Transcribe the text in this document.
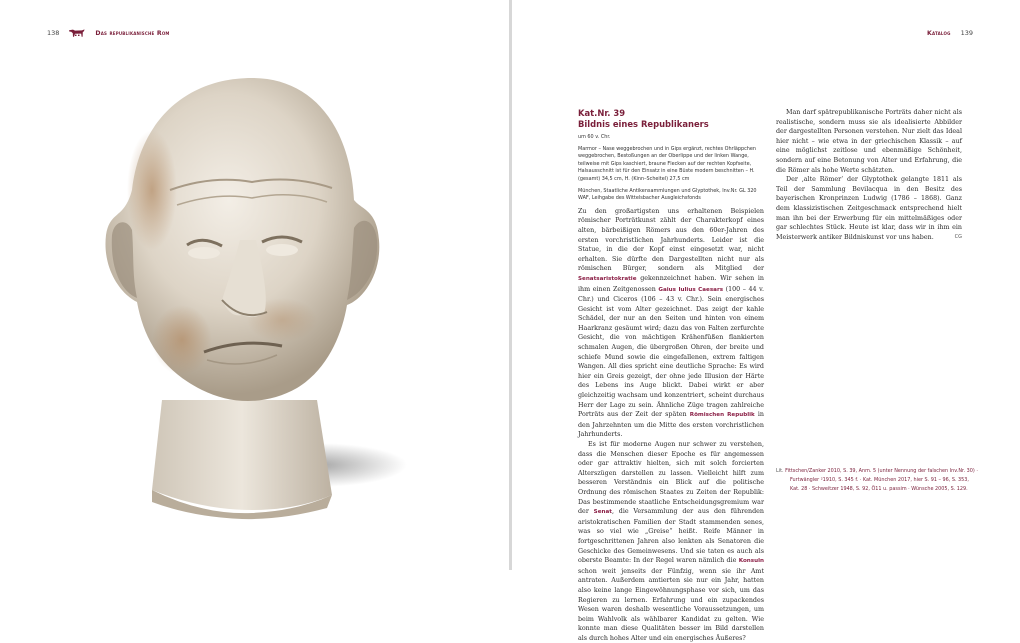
138	Das republikanische Rom	Katalog 139
Kat.Nr. 39
Bildnis eines Republikaners
um 60 v. Chr.
Marmor – Nase weggebrochen und in Gips ergänzt, rechtes Ohrläppchen weggebrochen, Bestoßungen an der Oberlippe und der linken Wange, teilweise mit Gips kaschiert, braune Flecken auf der rechten Kopfseite, Halsausschnitt ist für den Einsatz in eine Büste modern beschnitten – H. (gesamt) 34,5 cm, H. (Kinn–Scheitel) 27,5 cm
München, Staatliche Antikensammlungen und Glyptothek, Inv.Nr. GL 320 WAF, Leihgabe des Wittelsbacher Ausgleichsfonds

Zu den großartigsten uns erhaltenen Beispielen römischer Porträtkunst zählt der Charakterkopf eines alten, bärbeißigen Römers aus den 60er-Jahren des ersten vorchristlichen Jahrhunderts. Leider ist die Statue, in die der Kopf einst eingesetzt war, nicht erhalten. Sie dürfte den Dargestellten nicht nur als römischen Bürger, sondern als Mitglied der Senatsaristokratie gekennzeichnet haben. Wir sehen in ihm einen Zeitgenossen Gaius Iulius Caesars (100 – 44 v. Chr.) und Ciceros (106 – 43 v. Chr.). Sein energisches Gesicht ist vom Alter gezeichnet. Das zeigt der kahle Schädel, der nur an den Seiten und hinten von einem Haarkranz gesäumt wird; dazu das von Falten zerfurchte Gesicht, die von mächtigen Krähenfüßen flankierten schmalen Augen, die übergroßen Ohren, der breite und schiefe Mund sowie die eingefallenen, extrem faltigen Wangen. All dies spricht eine deutliche Sprache: Es wird hier ein Greis gezeigt, der ohne jede Illusion der Härte des Lebens ins Auge blickt. Dabei wirkt er aber gleichzeitig wachsam und konzentriert, scheint durchaus Herr der Lage zu sein. Ähnliche Züge tragen zahlreiche Porträts aus der Zeit der späten Römischen Republik in den Jahrzehnten um die Mitte des ersten vorchristlichen Jahrhunderts.

Es ist für moderne Augen nur schwer zu verstehen, dass die Menschen dieser Epoche es für angemessen oder gar attraktiv hielten, sich mit solch forcierten Alterszügen darstellen zu lassen. Vielleicht hilft zum besseren Verständnis ein Blick auf die politische Ordnung des römischen Staates zu Zeiten der Republik: Das bestimmende staatliche Entscheidungsgremium war der Senat, die Versammlung der aus den führenden aristokratischen Familien der Stadt stammenden senes, was so viel wie „Greise“ heißt. Reife Männer in fortgeschrittenen Jahren also lenkten als Senatoren die Geschicke des Gemeinwesens. Und sie taten es auch als oberste Beamte: In der Regel waren nämlich die Konsuln schon weit jenseits der Fünfzig, wenn sie ihr Amt antraten. Außerdem amtierten sie nur ein Jahr, hatten also keine lange Eingewöhnungsphase vor sich, um das Regieren zu lernen. Erfahrung und ein zupackendes Wesen waren deshalb wesentliche Voraussetzungen, um beim Wahlvolk als wählbarer Kandidat zu gelten. Wie konnte man diese Qualitäten besser im Bild darstellen als durch hohes Alter und ein energisches Äußeres?

Man darf spätrepublikanische Porträts daher nicht als realistische, sondern muss sie als idealisierte Abbilder der dargestellten Personen verstehen. Nur zielt das Ideal hier nicht – wie etwa in der griechischen Klassik – auf eine möglichst zeitlose und ebenmäßige Schönheit, sondern auf eine Betonung von Alter und Erfahrung, die die Römer als hohe Werte schätzten.

Der ‚alte Römer‘ der Glyptothek gelangte 1811 als Teil der Sammlung Bevilacqua in den Besitz des bayerischen Kronprinzen Ludwig (1786 – 1868). Ganz dem klassizistischen Zeitgeschmack entsprechend hielt man ihn bei der Erwerbung für ein mittelmäßiges oder gar schlechtes Stück. Heute ist klar, dass wir in ihm ein Meisterwerk antiker Bildniskunst vor uns haben.	CG

Lit. Fittschen/Zanker 2010, S. 39, Anm. 5 (unter Nennung der falschen Inv.Nr. 30) · Furtwängler ²1910, S. 345 f. · Kat. München 2017, hier S. 91 – 96, S. 353, Kat. 28 · Schweitzer 1948, S. 92, Ö11 u. passim · Wünsche 2005, S. 129.
